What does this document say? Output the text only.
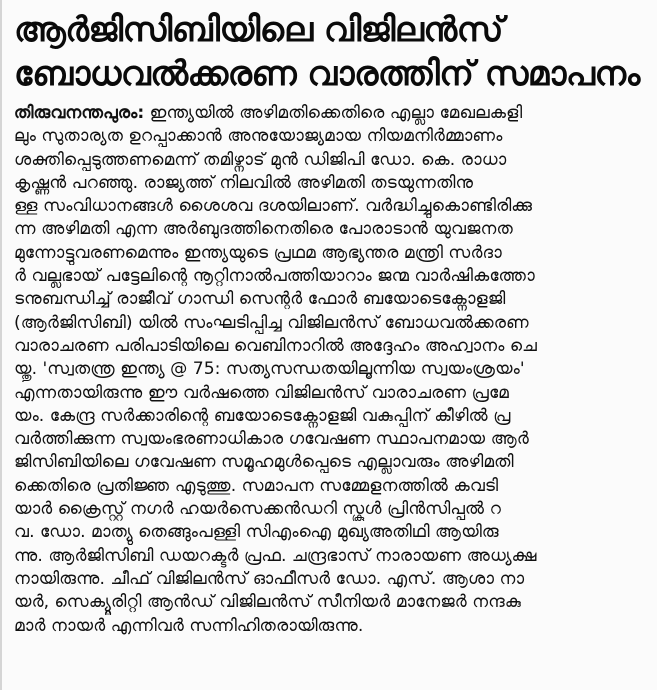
ആർജിസിബിയിലെ വിജിലൻസ്
ബോധവൽക്കരണ വാരത്തിന് സമാപനം
തിരുവനന്തപുരം: ഇന്ത്യയിൽ അഴിമതിക്കെതിരെ എല്ലാ മേഖലകളി
ലും സുതാര്യത ഉറപ്പാക്കാൻ അനുയോജ്യമായ നിയമനിർമ്മാണം
ശക്തിപ്പെടുത്തണമെന്ന് തമിഴ്നാട് മുൻ ഡിജിപി ഡോ. കെ. രാധാ
കൃഷ്ണൻ പറഞ്ഞു. രാജ്യത്ത് നിലവിൽ അഴിമതി തടയുന്നതിനു
ള്ള സംവിധാനങ്ങൾ ശൈശവ ദശയിലാണ്. വർദ്ധിച്ചുകൊണ്ടിരിക്കു
ന്ന അഴിമതി എന്ന അർബുദത്തിനെതിരെ പോരാടാൻ യുവജനത
മുന്നോട്ടുവരണമെന്നും ഇന്ത്യയുടെ പ്രഥമ ആഭ്യന്തര മന്ത്രി സർദാ
ർ വല്ലഭായ് പട്ടേലിന്റെ നൂറ്റിനാൽപത്തിയാറാം ജന്മ വാർഷികത്തോ
ടനുബന്ധിച്ച് രാജീവ് ഗാന്ധി സെന്റർ ഫോർ ബയോടെക്നോളജി
(ആർജിസിബി) യിൽ സംഘടിപ്പിച്ച വിജിലൻസ് ബോധവൽക്കരണ
വാരാചരണ പരിപാടിയിലെ വെബിനാറിൽ അദ്ദേഹം അഹ്വാനം ചെ
യ്തു. 'സ്വതന്ത്ര ഇന്ത്യ @ 75: സത്യസന്ധതയിലൂന്നിയ സ്വയംശ്രയം'
എന്നതായിരുന്നു ഈ വർഷത്തെ വിജിലൻസ് വാരാചരണ പ്രമേ
യം. കേന്ദ്ര സർക്കാരിന്റെ ബയോടെക്നോളജി വകുപ്പിന് കീഴിൽ പ്ര
വർത്തിക്കുന്ന സ്വയംഭരണാധികാര ഗവേഷണ സ്ഥാപനമായ ആർ
ജിസിബിയിലെ ഗവേഷണ സമൂഹമുൾപ്പെടെ എല്ലാവരും അഴിമതി
ക്കെതിരെ പ്രതിജ്ഞ എടുത്തു. സമാപന സമ്മേളനത്തിൽ കവടി
യാർ ക്രൈസ്റ്റ് നഗർ ഹയർസെക്കൻഡറി സ്കൂൾ പ്രിൻസിപ്പൽ റ
വ. ഡോ. മാത്യു തെങ്ങുംപള്ളി സിഎംഐ മുഖ്യഅതിഥി ആയിരു
ന്നു. ആർജിസിബി ഡയറക്ടർ പ്രഫ. ചന്ദ്രഭാസ് നാരായണ അധ്യക്ഷ
നായിരുന്നു. ചീഫ് വിജിലൻസ് ഓഫീസർ ഡോ. എസ്. ആശാ നാ
യർ, സെക്യൂരിറ്റി ആൻഡ് വിജിലൻസ് സീനിയർ മാനേജർ നന്ദകു
മാർ നായർ എന്നിവർ സന്നിഹിതരായിരുന്നു.
